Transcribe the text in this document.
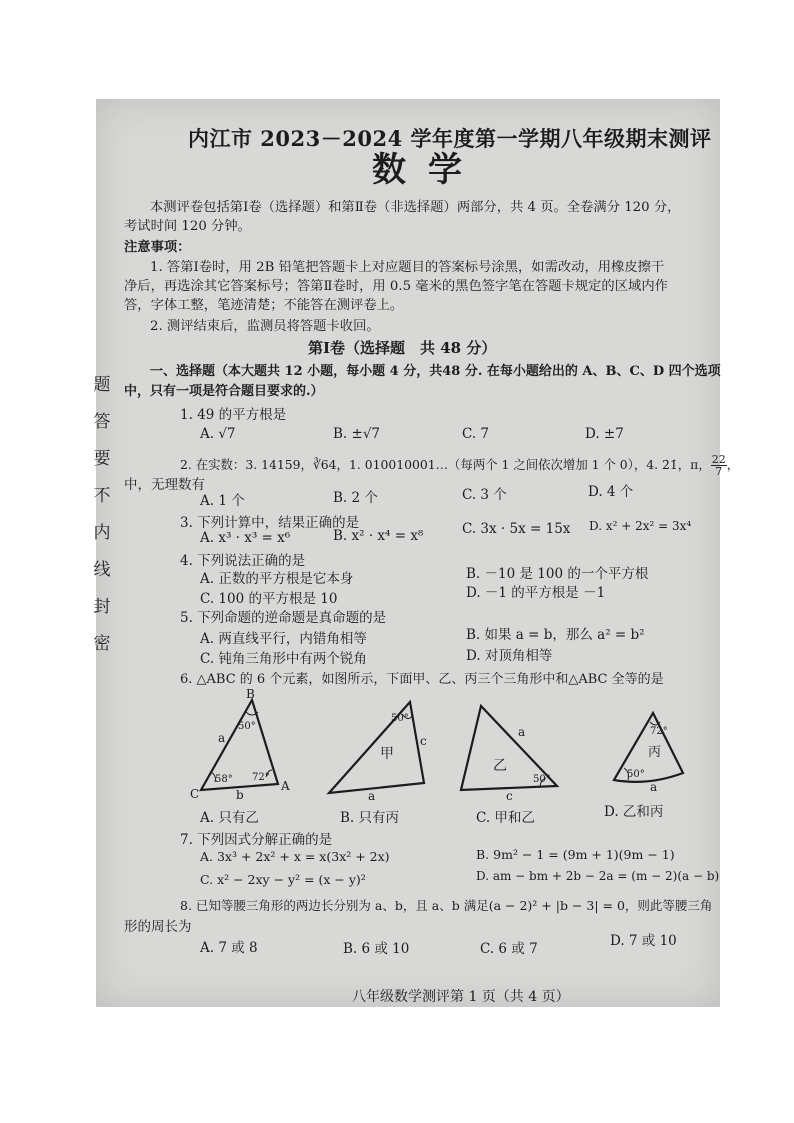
题
答
要
不
内
线
封
密
内江市 2023－2024 学年度第一学期八年级期末测评
数学
本测评卷包括第Ⅰ卷（选择题）和第Ⅱ卷（非选择题）两部分，共 4 页。全卷满分 120 分，
考试时间 120 分钟。
注意事项：
1. 答第Ⅰ卷时，用 2B 铅笔把答题卡上对应题目的答案标号涂黑，如需改动，用橡皮擦干
净后，再选涂其它答案标号；答第Ⅱ卷时，用 0.5 毫米的黑色签字笔在答题卡规定的区域内作
答，字体工整，笔迹清楚；不能答在测评卷上。
2. 测评结束后，监测员将答题卡收回。
第Ⅰ卷（选择题　共 48 分）
一、选择题（本大题共 12 小题，每小题 4 分，共48 分. 在每小题给出的 A、B、C、D 四个选项
中，只有一项是符合题目要求的.）
1. 49 的平方根是
A. √7	B. ±√7	C. 7	D. ±7
2. 在实数：3. 14159，∛64，1. 010010001…（每两个 1 之间依次增加 1 个 0），4. 2̇1̇，π， $\frac{22}{7}$ ，
中，无理数有
A. 1 个	B. 2 个	C. 3 个	D. 4 个
3. 下列计算中，结果正确的是
A. x³ · x³ = x⁶	B. x² · x⁴ = x⁸	C. 3x · 5x = 15x D. x² + 2x² = 3x⁴
4. 下列说法正确的是
A. 正数的平方根是它本身	B. －10 是 100 的一个平方根
C. 100 的平方根是 10	D. －1 的平方根是 －1
5. 下列命题的逆命题是真命题的是
A. 两直线平行，内错角相等	B. 如果 a = b，那么 a² = b²
C. 钝角三角形中有两个锐角	D. 对顶角相等
6. △ABC 的 6 个元素，如图所示，下面甲、乙、丙三个三角形中和△ABC 全等的是
B
A
C
a
b
50°
58° 72°
甲
50°
a
c
乙
50°
a
c
丙
72°
50°
a
A. 只有乙	B. 只有丙	C. 甲和乙	D. 乙和丙
7. 下列因式分解正确的是
A. 3x³ + 2x² + x = x(3x² + 2x)	B. 9m² − 1 = (9m + 1)(9m − 1)
C. x² − 2xy − y² = (x − y)²	D. am − bm + 2b − 2a = (m − 2)(a − b)
8. 已知等腰三角形的两边长分别为 a、b，且 a、b 满足(a − 2)² + |b − 3| = 0，则此等腰三角
形的周长为
A. 7 或 8	B. 6 或 10	C. 6 或 7	D. 7 或 10
八年级数学测评第 1 页（共 4 页）
